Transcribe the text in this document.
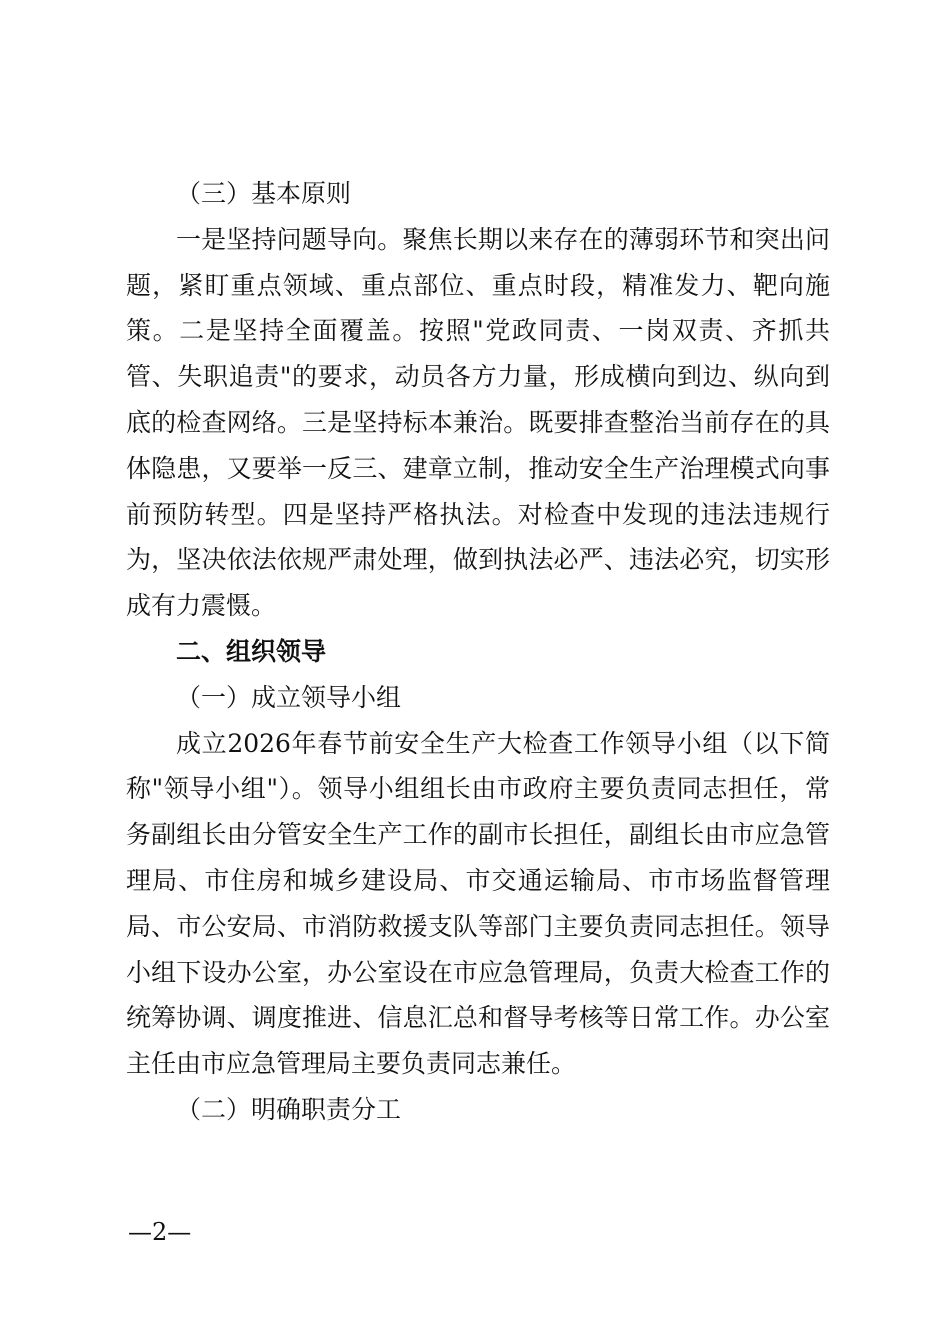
（三）基本原则

一是坚持问题导向。聚焦长期以来存在的薄弱环节和突出问题，紧盯重点领域、重点部位、重点时段，精准发力、靶向施策。二是坚持全面覆盖。按照"党政同责、一岗双责、齐抓共管、失职追责"的要求，动员各方力量，形成横向到边、纵向到底的检查网络。三是坚持标本兼治。既要排查整治当前存在的具体隐患，又要举一反三、建章立制，推动安全生产治理模式向事前预防转型。四是坚持严格执法。对检查中发现的违法违规行为，坚决依法依规严肃处理，做到执法必严、违法必究，切实形成有力震慑。

二、组织领导

（一）成立领导小组

成立2026年春节前安全生产大检查工作领导小组（以下简称"领导小组"）。领导小组组长由市政府主要负责同志担任，常务副组长由分管安全生产工作的副市长担任，副组长由市应急管理局、市住房和城乡建设局、市交通运输局、市市场监督管理局、市公安局、市消防救援支队等部门主要负责同志担任。领导小组下设办公室，办公室设在市应急管理局，负责大检查工作的统筹协调、调度推进、信息汇总和督导考核等日常工作。办公室主任由市应急管理局主要负责同志兼任。

（二）明确职责分工

—2—
